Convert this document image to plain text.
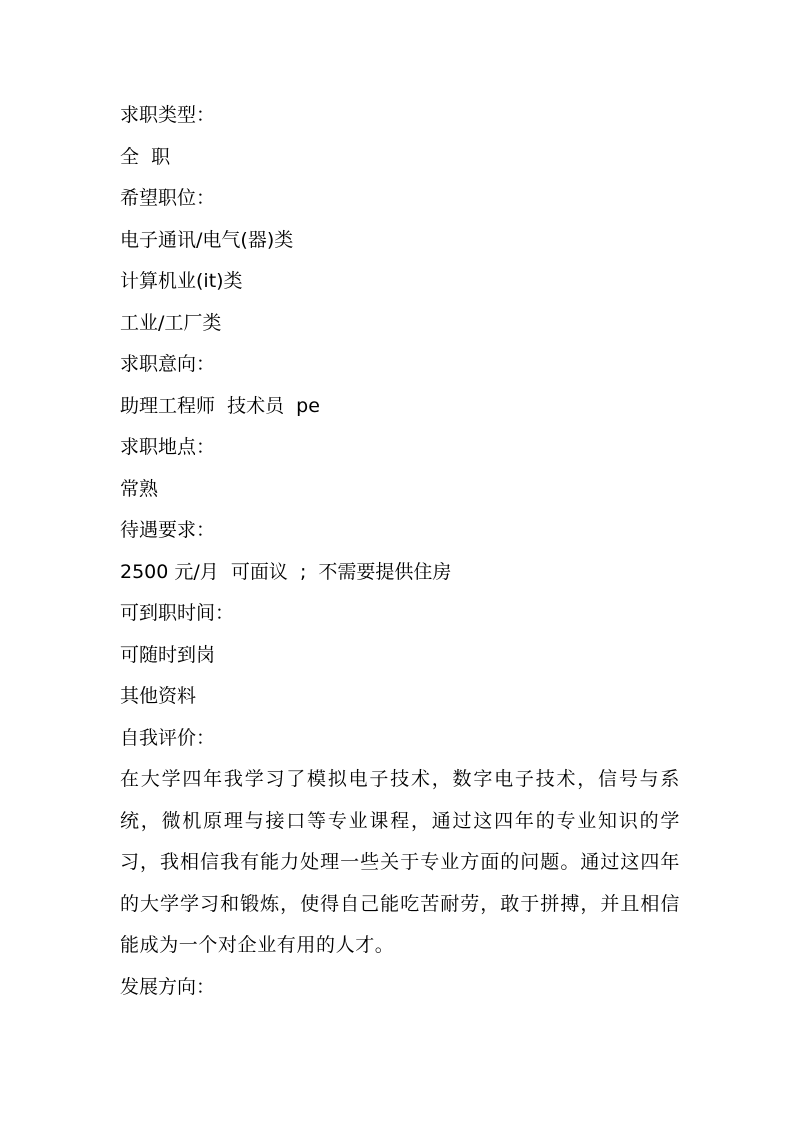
求职类型：

全  职

希望职位：

电子通讯/电气(器)类

计算机业(it)类

工业/工厂类

求职意向：

助理工程师  技术员  pe

求职地点：

常熟

待遇要求：

2500 元/月  可面议  ;  不需要提供住房

可到职时间：

可随时到岗

其他资料

自我评价：

在大学四年我学习了模拟电子技术，数字电子技术，信号与系统，微机原理与接口等专业课程，通过这四年的专业知识的学习，我相信我有能力处理一些关于专业方面的问题。通过这四年的大学学习和锻炼，使得自己能吃苦耐劳，敢于拼搏，并且相信能成为一个对企业有用的人才。

发展方向：
